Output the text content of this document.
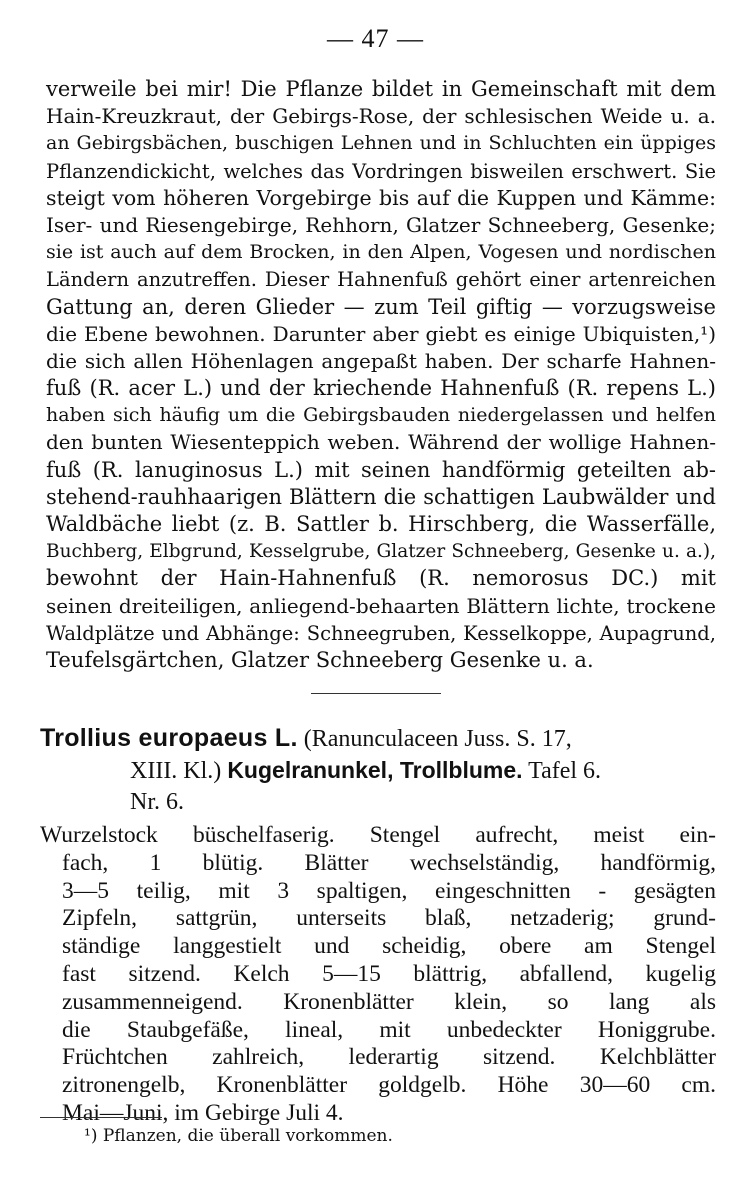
— 47 —
verweile bei mir! Die Pflanze bildet in Gemeinschaft mit dem
Hain-Kreuzkraut, der Gebirgs-Rose, der schlesischen Weide u. a.
an Gebirgsbächen, buschigen Lehnen und in Schluchten ein üppiges
Pflanzendickicht, welches das Vordringen bisweilen erschwert. Sie
steigt vom höheren Vorgebirge bis auf die Kuppen und Kämme:
Iser- und Riesengebirge, Rehhorn, Glatzer Schneeberg, Gesenke;
sie ist auch auf dem Brocken, in den Alpen, Vogesen und nordischen
Ländern anzutreffen. Dieser Hahnenfuß gehört einer artenreichen
Gattung an, deren Glieder — zum Teil giftig — vorzugsweise
die Ebene bewohnen. Darunter aber giebt es einige Ubiquisten,¹)
die sich allen Höhenlagen angepaßt haben. Der scharfe Hahnen-
fuß (R. acer L.) und der kriechende Hahnenfuß (R. repens L.)
haben sich häufig um die Gebirgsbauden niedergelassen und helfen
den bunten Wiesenteppich weben. Während der wollige Hahnen-
fuß (R. lanuginosus L.) mit seinen handförmig geteilten ab-
stehend-rauhhaarigen Blättern die schattigen Laubwälder und
Waldbäche liebt (z. B. Sattler b. Hirschberg, die Wasserfälle,
Buchberg, Elbgrund, Kesselgrube, Glatzer Schneeberg, Gesenke u. a.),
bewohnt der Hain-Hahnenfuß (R. nemorosus DC.) mit
seinen dreiteiligen, anliegend-behaarten Blättern lichte, trockene
Waldplätze und Abhänge: Schneegruben, Kesselkoppe, Aupagrund,
Teufelsgärtchen, Glatzer Schneeberg Gesenke u. a.
Trollius europaeus L. (Ranunculaceen Juss. S. 17,
XIII. Kl.) Kugelranunkel, Trollblume. Tafel 6.
Nr. 6.
Wurzelstock büschelfaserig. Stengel aufrecht, meist ein-
fach, 1 blütig. Blätter wechselständig, handförmig,
3—5 teilig, mit 3 spaltigen, eingeschnitten - gesägten
Zipfeln, sattgrün, unterseits blaß, netzaderig; grund-
ständige langgestielt und scheidig, obere am Stengel
fast sitzend. Kelch 5—15 blättrig, abfallend, kugelig
zusammenneigend. Kronenblätter klein, so lang als
die Staubgefäße, lineal, mit unbedeckter Honiggrube.
Früchtchen zahlreich, lederartig sitzend. Kelchblätter
zitronengelb, Kronenblätter goldgelb. Höhe 30—60 cm.
Mai—Juni, im Gebirge Juli 4.
¹) Pflanzen, die überall vorkommen.
